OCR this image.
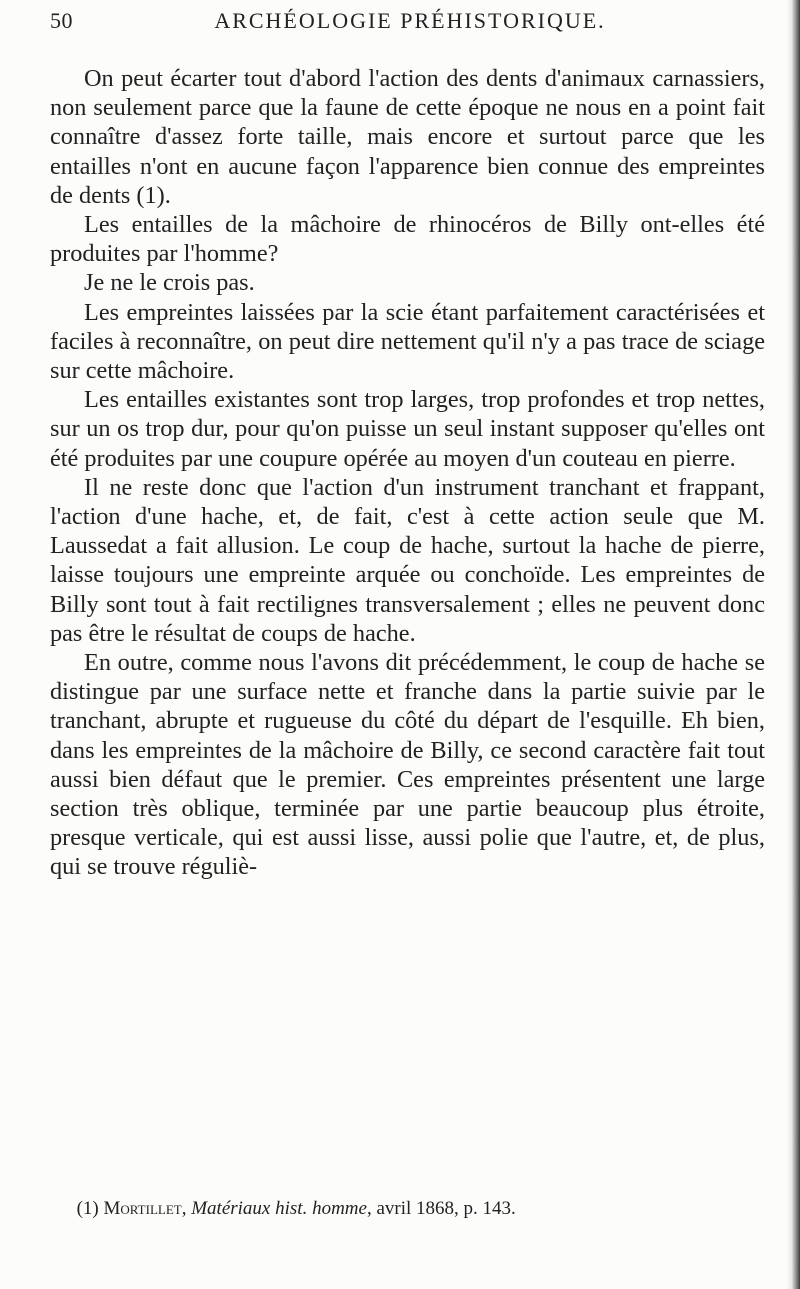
50	ARCHÉOLOGIE PRÉHISTORIQUE.

On peut écarter tout d'abord l'action des dents d'animaux carnassiers, non seulement parce que la faune de cette époque ne nous en a point fait connaître d'assez forte taille, mais encore et surtout parce que les entailles n'ont en aucune façon l'apparence bien connue des empreintes de dents (1).

Les entailles de la mâchoire de rhinocéros de Billy ont-elles été produites par l'homme?

Je ne le crois pas.

Les empreintes laissées par la scie étant parfaitement caractérisées et faciles à reconnaître, on peut dire nettement qu'il n'y a pas trace de sciage sur cette mâchoire.

Les entailles existantes sont trop larges, trop profondes et trop nettes, sur un os trop dur, pour qu'on puisse un seul instant supposer qu'elles ont été produites par une coupure opérée au moyen d'un couteau en pierre.

Il ne reste donc que l'action d'un instrument tranchant et frappant, l'action d'une hache, et, de fait, c'est à cette action seule que M. Laussedat a fait allusion. Le coup de hache, surtout la hache de pierre, laisse toujours une empreinte arquée ou conchoïde. Les empreintes de Billy sont tout à fait rectilignes transversalement ; elles ne peuvent donc pas être le résultat de coups de hache.

En outre, comme nous l'avons dit précédemment, le coup de hache se distingue par une surface nette et franche dans la partie suivie par le tranchant, abrupte et rugueuse du côté du départ de l'esquille. Eh bien, dans les empreintes de la mâchoire de Billy, ce second caractère fait tout aussi bien défaut que le premier. Ces empreintes présentent une large section très oblique, terminée par une partie beaucoup plus étroite, presque verticale, qui est aussi lisse, aussi polie que l'autre, et, de plus, qui se trouve réguliè-

(1) Mortillet, Matériaux hist. homme, avril 1868, p. 143.
